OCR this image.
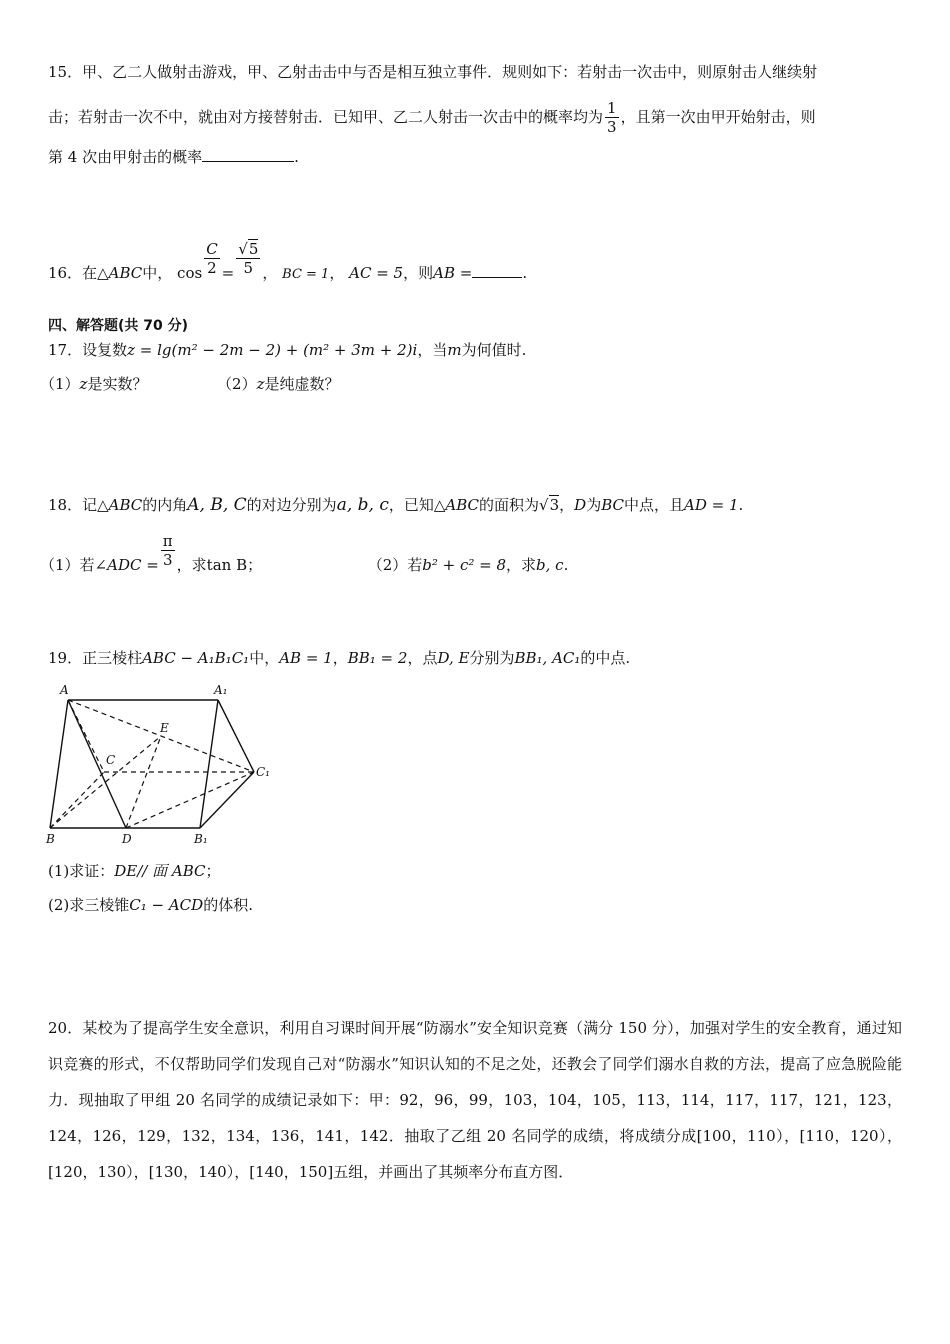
15．甲、乙二人做射击游戏，甲、乙射击击中与否是相互独立事件．规则如下：若射击一次击中，则原射击人继续射
击；若射击一次不中，就由对方接替射击．已知甲、乙二人射击一次击中的概率均为 $\frac{1}{3}$ ，且第一次由甲开始射击，则
第 4 次由甲射击的概率	.
16．在△ABC中， $\cos \frac{C}{2} = \frac{√5}{5}$ ， BC = 1， AC = 5，则AB =	.
四、解答题(共 70 分)
17．设复数z = lg(m² − 2m − 2) + (m² + 3m + 2)i，当m为何值时.
（1）z是实数？	（2）z是纯虚数？
18．记△ABC的内角A, B, C的对边分别为a, b, c，已知△ABC的面积为√3，D为BC中点，且AD = 1.
（1）若∠ADC = $\frac{\pi}{3}$ ，求tan B；	（2）若b² + c² = 8，求b, c.
19．正三棱柱ABC − A₁B₁C₁中，AB = 1，BB₁ = 2，点D, E分别为BB₁, AC₁的中点.
A	A₁
E
C
C₁
B	D	B₁
(1)求证：DE// 面 ABC；
(2)求三棱锥C₁ − ACD的体积.
20．某校为了提高学生安全意识，利用自习课时间开展“防溺水”安全知识竞赛（满分 150 分），加强对学生的安全教育，通过知识竞赛的形式，不仅帮助同学们发现自己对“防溺水”知识认知的不足之处，还教会了同学们溺水自救的方法，提高了应急脱险能力．现抽取了甲组 20 名同学的成绩记录如下：甲：92，96，99，103，104，105，113，114，117，117，121，123，124，126，129，132，134，136，141，142．抽取了乙组 20 名同学的成绩，将成绩分成[100，110），[110，120），[120，130），[130，140），[140，150]五组，并画出了其频率分布直方图．
